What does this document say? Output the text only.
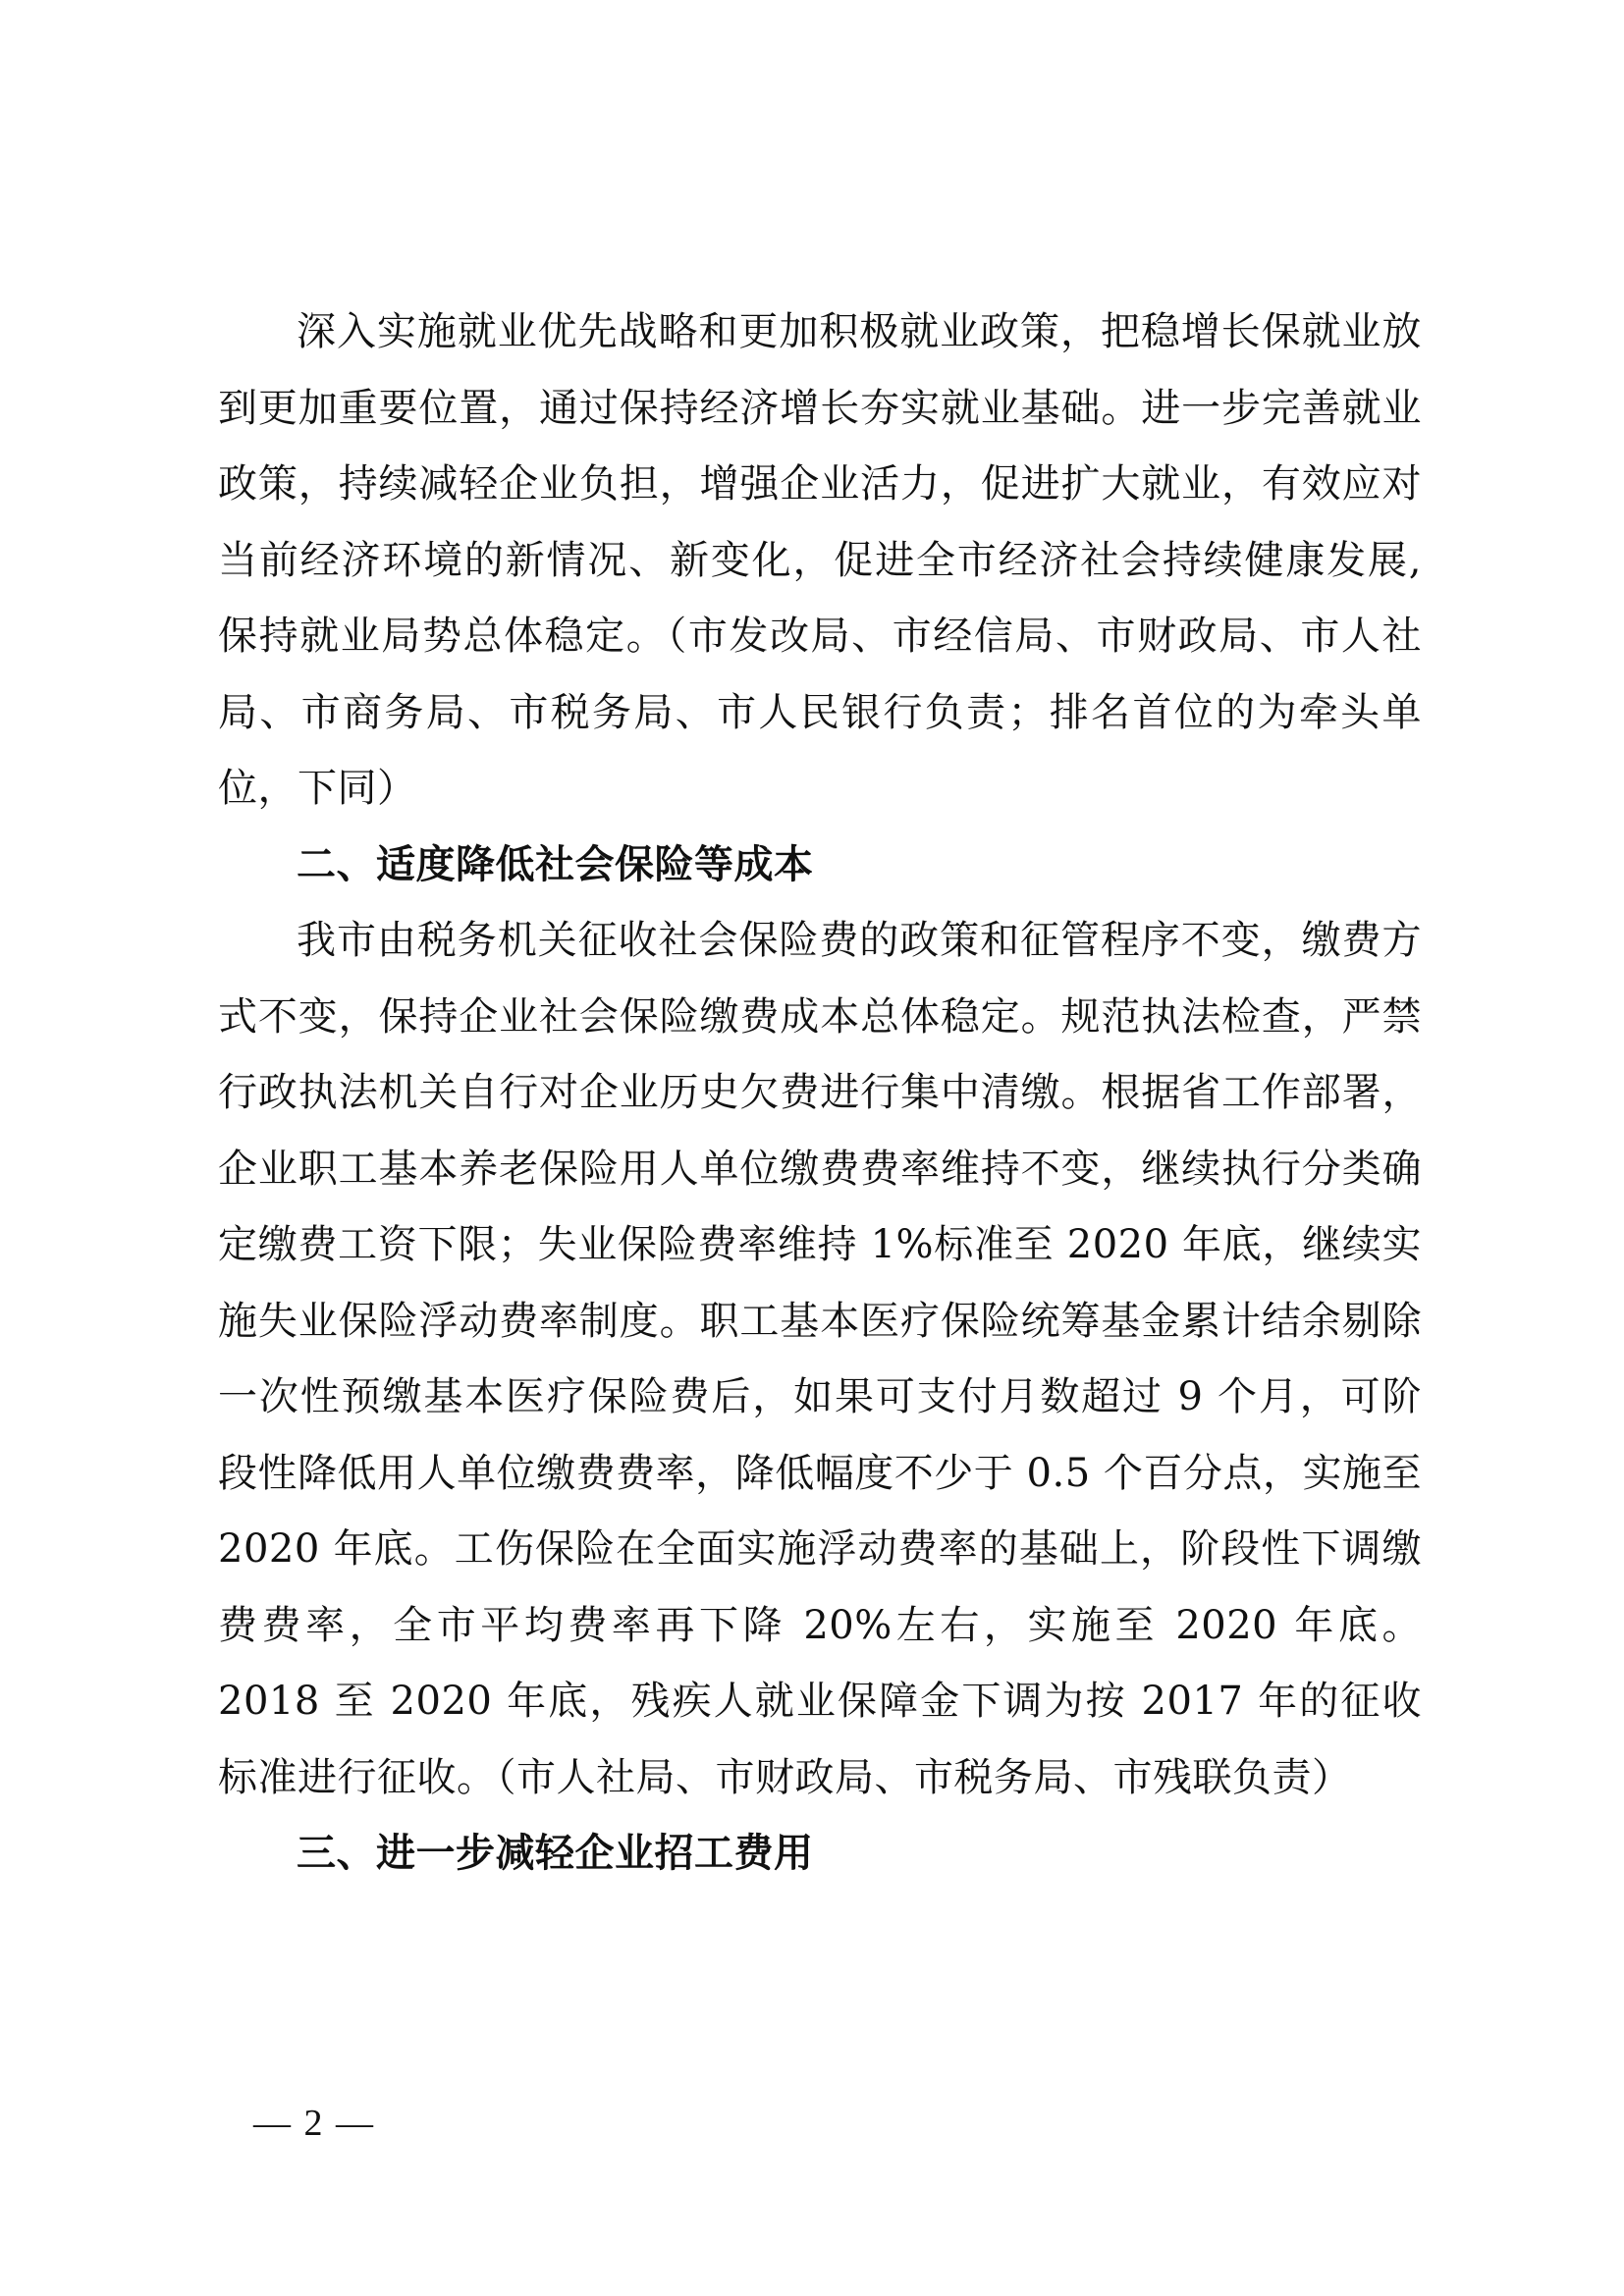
深入实施就业优先战略和更加积极就业政策，把稳增长保就业放到更加重要位置，通过保持经济增长夯实就业基础。进一步完善就业政策，持续减轻企业负担，增强企业活力，促进扩大就业，有效应对当前经济环境的新情况、新变化，促进全市经济社会持续健康发展,保持就业局势总体稳定。（市发改局、市经信局、市财政局、市人社局、市商务局、市税务局、市人民银行负责；排名首位的为牵头单位，下同）

二、适度降低社会保险等成本

我市由税务机关征收社会保险费的政策和征管程序不变，缴费方式不变，保持企业社会保险缴费成本总体稳定。规范执法检查，严禁行政执法机关自行对企业历史欠费进行集中清缴。根据省工作部署，企业职工基本养老保险用人单位缴费费率维持不变，继续执行分类确定缴费工资下限；失业保险费率维持 1%标准至 2020 年底，继续实施失业保险浮动费率制度。职工基本医疗保险统筹基金累计结余剔除一次性预缴基本医疗保险费后，如果可支付月数超过 9 个月，可阶段性降低用人单位缴费费率，降低幅度不少于 0.5 个百分点，实施至 2020 年底。工伤保险在全面实施浮动费率的基础上，阶段性下调缴费费率，全市平均费率再下降 20%左右，实施至 2020 年底。2018 至 2020 年底，残疾人就业保障金下调为按 2017 年的征收标准进行征收。（市人社局、市财政局、市税务局、市残联负责）

三、进一步减轻企业招工费用

— 2 —
